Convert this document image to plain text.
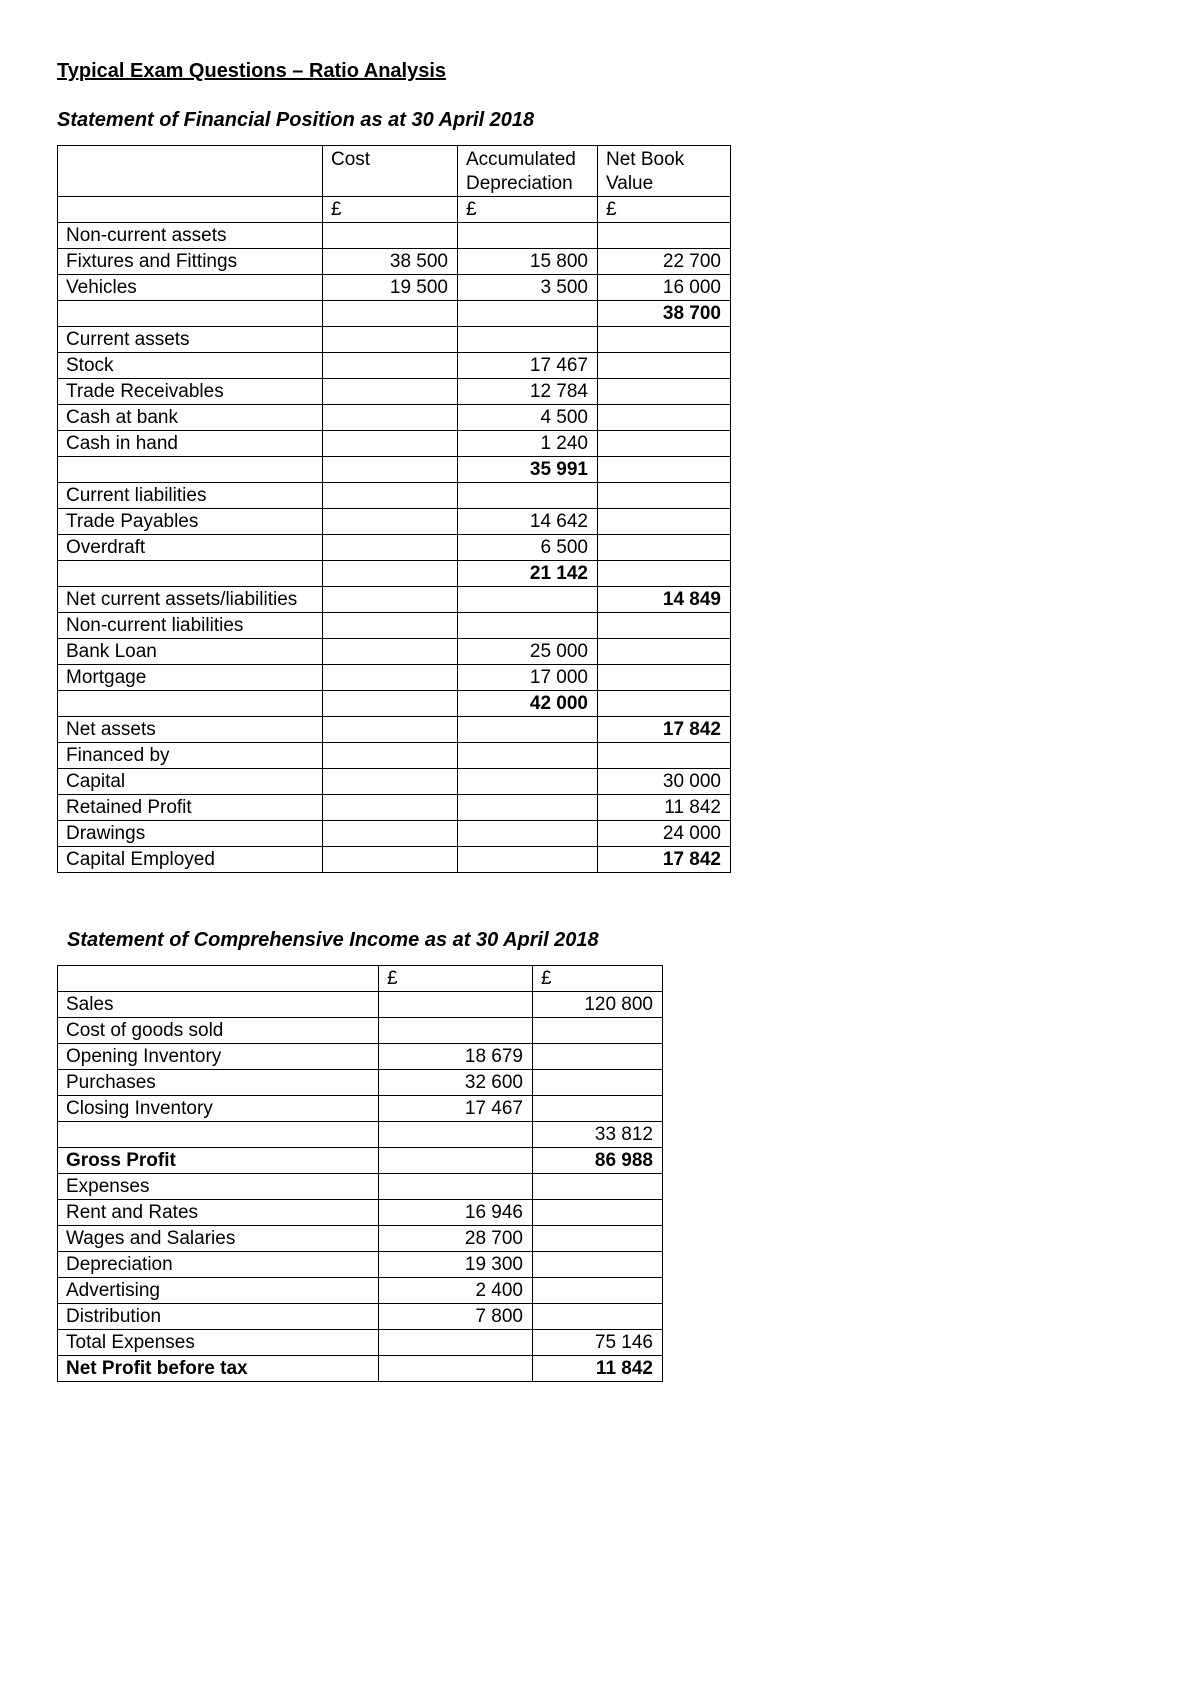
Typical Exam Questions – Ratio Analysis
Statement of Financial Position as at 30 April 2018
	Cost	Accumulated Depreciation	Net Book Value
	£	£	£
Non-current assets			
Fixtures and Fittings	38 500	15 800	22 700
Vehicles	19 500	3 500	16 000
			38 700
Current assets			
Stock		17 467	
Trade Receivables		12 784	
Cash at bank		4 500	
Cash in hand		1 240	
		35 991	
Current liabilities			
Trade Payables		14 642	
Overdraft		6 500	
		21 142	
Net current assets/liabilities			14 849
Non-current liabilities			
Bank Loan		25 000	
Mortgage		17 000	
		42 000	
Net assets			17 842
Financed by			
Capital			30 000
Retained Profit			11 842
Drawings			24 000
Capital Employed			17 842
Statement of Comprehensive Income as at 30 April 2018
	£	£
Sales		120 800
Cost of goods sold		
Opening Inventory	18 679	
Purchases	32 600	
Closing Inventory	17 467	
		33 812
Gross Profit		86 988
Expenses		
Rent and Rates	16 946	
Wages and Salaries	28 700	
Depreciation	19 300	
Advertising	2 400	
Distribution	7 800	
Total Expenses		75 146
Net Profit before tax		11 842
